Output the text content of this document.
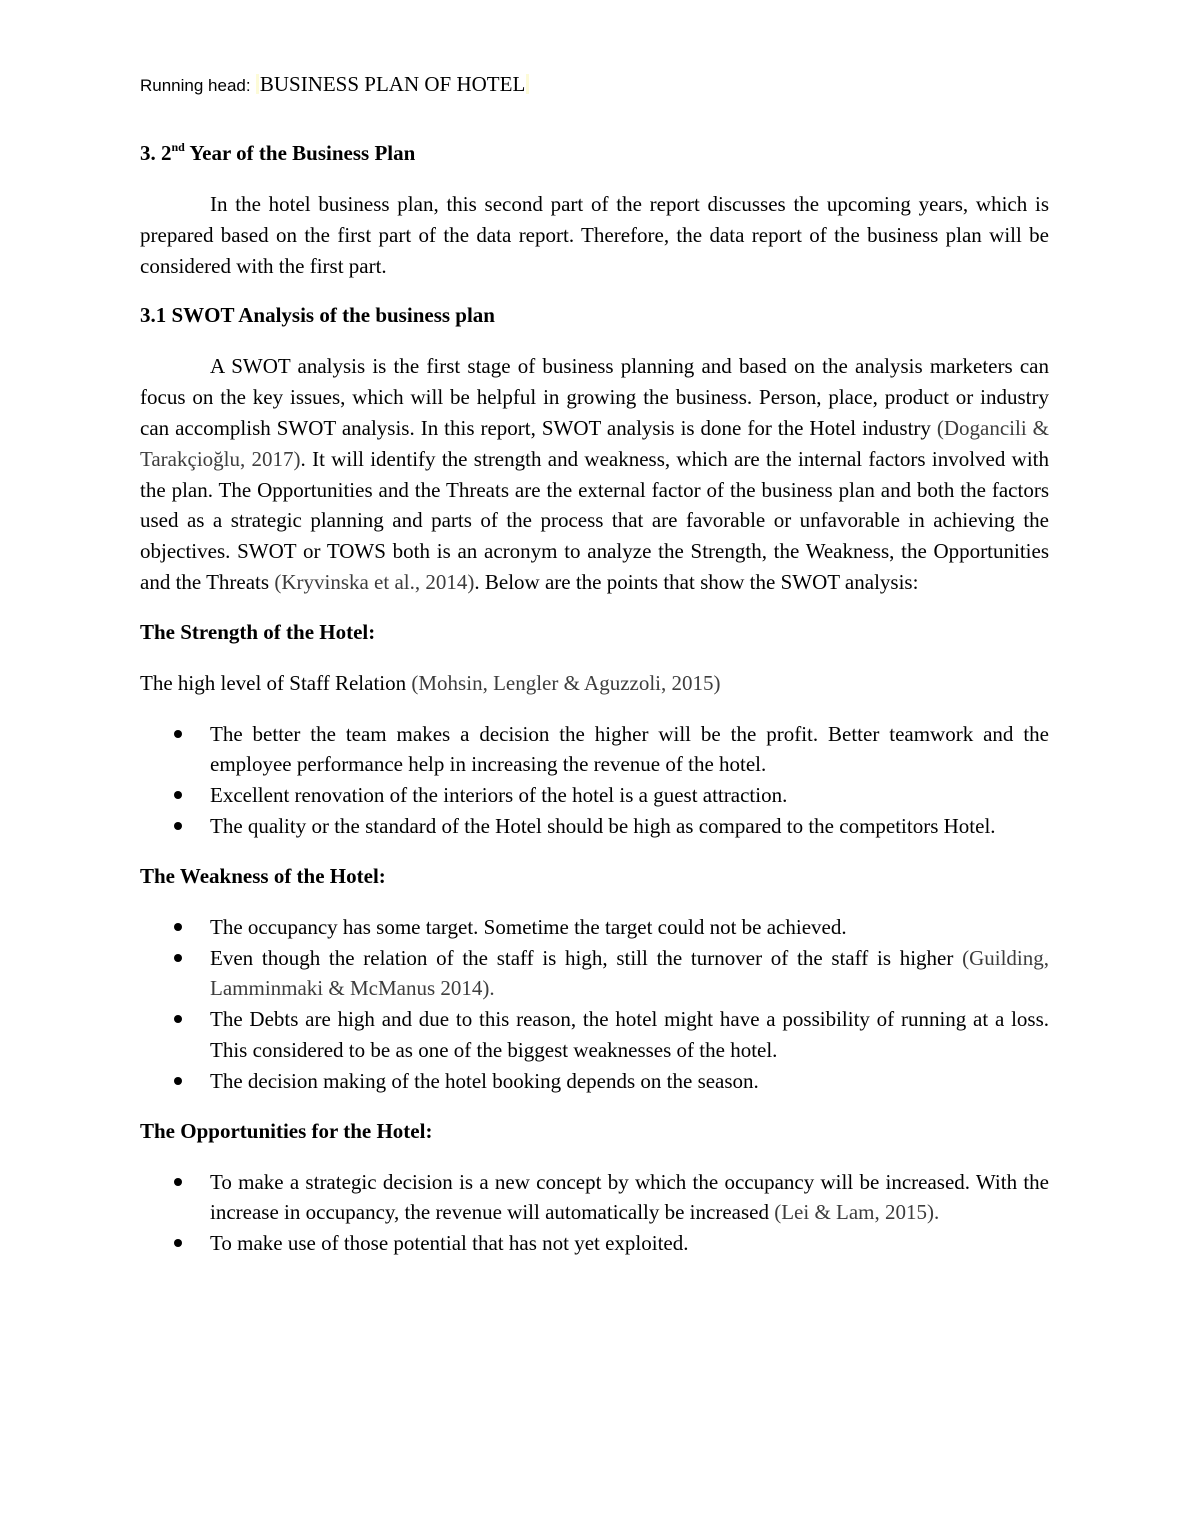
Running head: BUSINESS PLAN OF HOTEL
3. 2nd Year of the Business Plan

In the hotel business plan, this second part of the report discusses the upcoming years, which is prepared based on the first part of the data report. Therefore, the data report of the business plan will be considered with the first part.

3.1 SWOT Analysis of the business plan

A SWOT analysis is the first stage of business planning and based on the analysis marketers can focus on the key issues, which will be helpful in growing the business. Person, place, product or industry can accomplish SWOT analysis. In this report, SWOT analysis is done for the Hotel industry (Dogancili & Tarakçioğlu, 2017). It will identify the strength and weakness, which are the internal factors involved with the plan. The Opportunities and the Threats are the external factor of the business plan and both the factors used as a strategic planning and parts of the process that are favorable or unfavorable in achieving the objectives. SWOT or TOWS both is an acronym to analyze the Strength, the Weakness, the Opportunities and the Threats (Kryvinska et al., 2014). Below are the points that show the SWOT analysis:

The Strength of the Hotel:

The high level of Staff Relation (Mohsin, Lengler & Aguzzoli, 2015)

The better the team makes a decision the higher will be the profit. Better teamwork and the employee performance help in increasing the revenue of the hotel.
Excellent renovation of the interiors of the hotel is a guest attraction.
The quality or the standard of the Hotel should be high as compared to the competitors Hotel.
The Weakness of the Hotel:
The occupancy has some target. Sometime the target could not be achieved.
Even though the relation of the staff is high, still the turnover of the staff is higher (Guilding, Lamminmaki & McManus 2014).
The Debts are high and due to this reason, the hotel might have a possibility of running at a loss. This considered to be as one of the biggest weaknesses of the hotel.
The decision making of the hotel booking depends on the season.
The Opportunities for the Hotel:
To make a strategic decision is a new concept by which the occupancy will be increased. With the increase in occupancy, the revenue will automatically be increased (Lei & Lam, 2015).
To make use of those potential that has not yet exploited.
